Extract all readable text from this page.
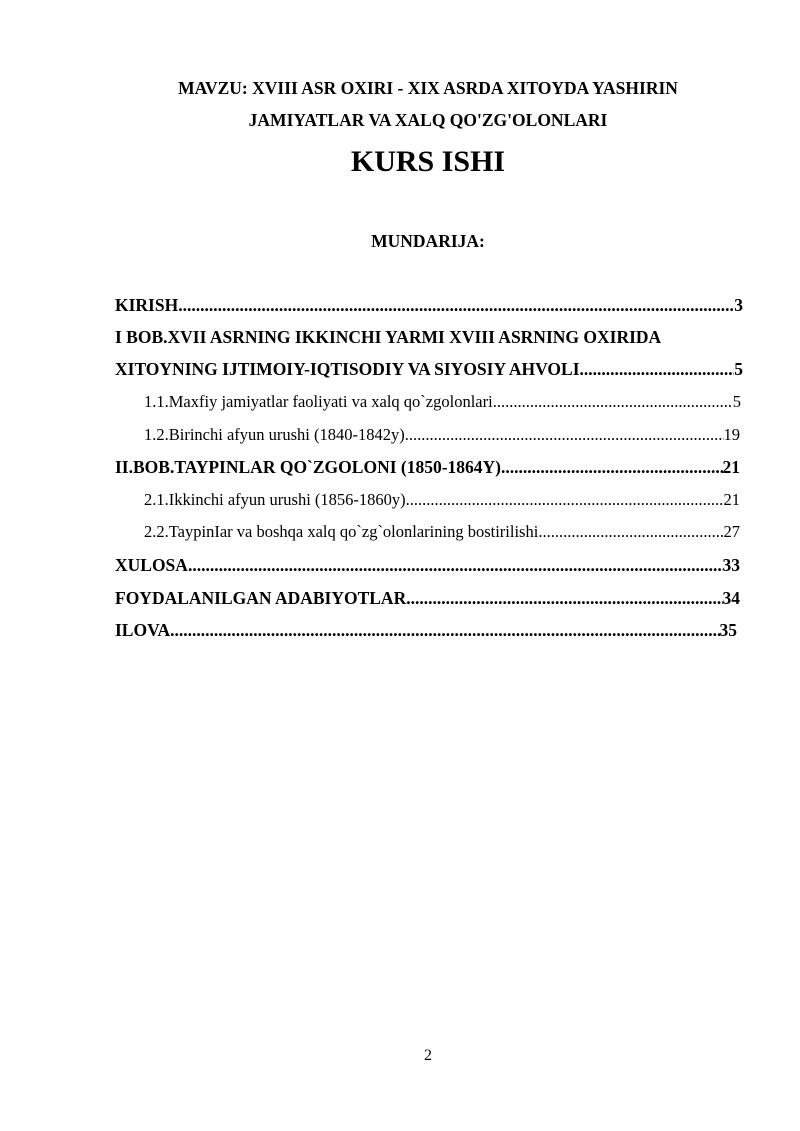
MAVZU: XVIII ASR OXIRI - XIX ASRDA XITOYDA YASHIRIN
JAMIYATLAR VA XALQ QO'ZG'OLONLARI
KURS ISHI
MUNDARIJA:
KIRISH .....	3
I BOB.XVII ASRNING IKKINCHI YARMI XVIII ASRNING OXIRIDA
XITOYNING IJTIMOIY-IQTISODIY VA SIYOSIY AHVOLI .....	5
1.1.Maxfiy jamiyatlar faoliyati va xalq qo`zgolonlari .....	5
1.2.Birinchi afyun urushi (1840-1842y) .....	19
II.BOB.TAYPINLAR QO`ZGOLONI (1850-1864Y) .....	21
2.1.Ikkinchi afyun urushi (1856-1860y) .....	21
2.2.TaypinIar va boshqa xalq qo`zg`olonlarining bostirilishi .....	27
XULOSA .....	33
FOYDALANILGAN ADABIYOTLAR .....	34
ILOVA .....	35
2
